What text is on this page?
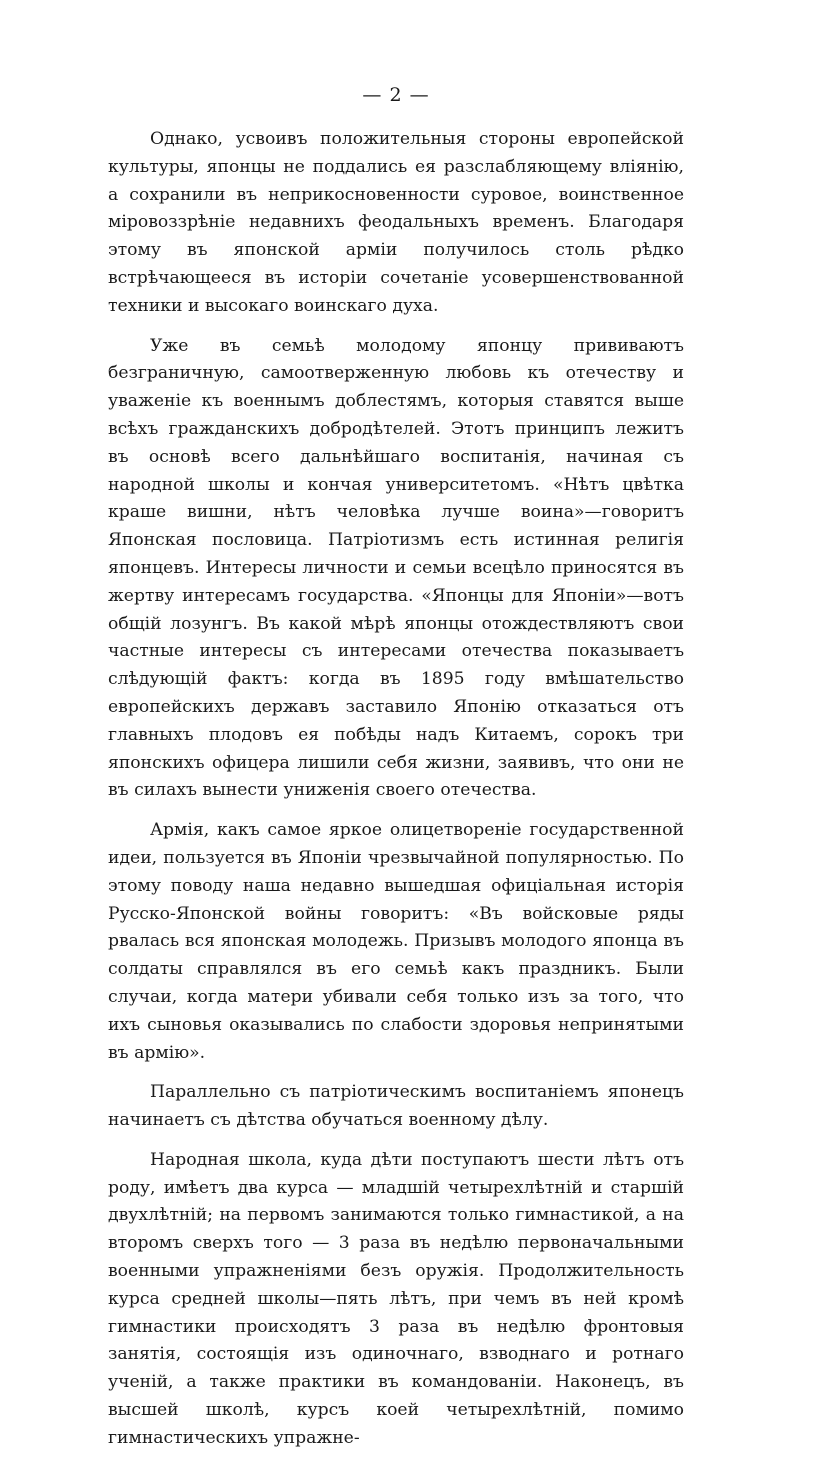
— 2 —

Однако, усвоивъ положительныя стороны европейской культуры, японцы не поддались ея разслабляющему вліянію, а сохранили въ неприкосновенности суровое, воинственное міровоззрѣніе недавнихъ феодальныхъ временъ. Благодаря этому въ японской арміи получилось столь рѣдко встрѣчающееся въ исторіи сочетаніе усовершенствованной техники и высокаго воинскаго духа.

Уже въ семьѣ молодому японцу прививаютъ безграничную, самоотверженную любовь къ отечеству и уваженіе къ военнымъ доблестямъ, которыя ставятся выше всѣхъ гражданскихъ добродѣтелей. Этотъ принципъ лежитъ въ основѣ всего дальнѣйшаго воспитанія, начиная съ народной школы и кончая университетомъ. «Нѣтъ цвѣтка краше вишни, нѣтъ человѣка лучше воина»—говоритъ Японская пословица. Патріотизмъ есть истинная религія японцевъ. Интересы личности и семьи всецѣло приносятся въ жертву интересамъ государства. «Японцы для Японіи»—вотъ общій лозунгъ. Въ какой мѣрѣ японцы отождествляютъ свои частные интересы съ интересами отечества показываетъ слѣдующій фактъ: когда въ 1895 году вмѣшательство европейскихъ державъ заставило Японію отказаться отъ главныхъ плодовъ ея побѣды надъ Китаемъ, сорокъ три японскихъ офицера лишили себя жизни, заявивъ, что они не въ силахъ вынести униженія своего отечества.

Армія, какъ самое яркое олицетвореніе государственной идеи, пользуется въ Японіи чрезвычайной популярностью. По этому поводу наша недавно вышедшая офиціальная исторія Русско-Японской войны говоритъ: «Въ войсковые ряды рвалась вся японская молодежь. Призывъ молодого японца въ солдаты справлялся въ его семьѣ какъ праздникъ. Были случаи, когда матери убивали себя только изъ за того, что ихъ сыновья оказывались по слабости здоровья непринятыми въ армію».

Параллельно съ патріотическимъ воспитаніемъ японецъ начинаетъ съ дѣтства обучаться военному дѣлу.

Народная школа, куда дѣти поступаютъ шести лѣтъ отъ роду, имѣетъ два курса — младшій четырехлѣтній и старшій двухлѣтній; на первомъ занимаются только гимнастикой, а на второмъ сверхъ того — 3 раза въ недѣлю первоначальными военными упражненіями безъ оружія. Продолжительность курса средней школы—пять лѣтъ, при чемъ въ ней кромѣ гимнастики происходятъ 3 раза въ недѣлю фронтовыя занятія, состоящія изъ одиночнаго, взводнаго и ротнаго ученій, а также практики въ командованіи. Наконецъ, въ высшей школѣ, курсъ коей четырехлѣтній, помимо гимнастическихъ упражне-
